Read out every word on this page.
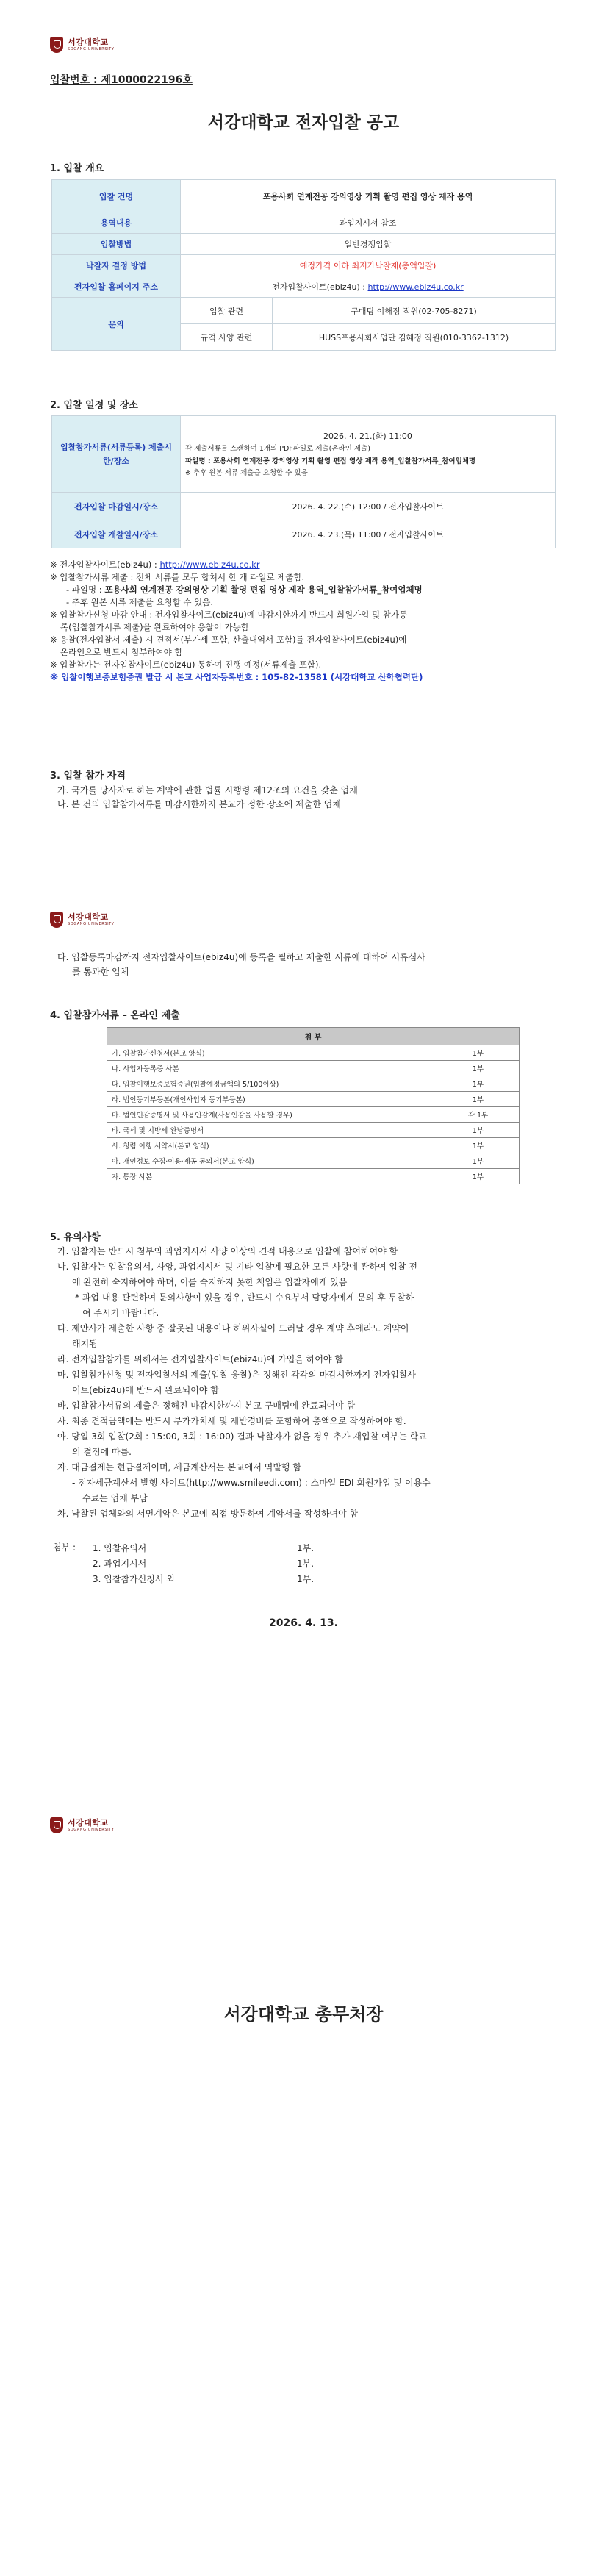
서강대학교
SOGANG UNIVERSITY
입찰번호 : 제1000022196호
서강대학교 전자입찰 공고
1. 입찰 개요
입찰 건명	포용사회 연계전공 강의영상 기획 촬영 편집 영상 제작 용역	
용역내용	과업지시서 참조	
입찰방법	일반경쟁입찰	
낙찰자 결정 방법	예정가격 이하 최저가낙찰제(총액입찰)	
전자입찰 홈페이지 주소	전자입찰사이트(ebiz4u) : http://www.ebiz4u.co.kr	
문의	입찰 관련	구매팀 이해정 직원(02-705-8271)
	규격 사양 관련	HUSS포용사회사업단 김혜정 직원(010-3362-1312)
2. 입찰 일정 및 장소
입찰참가서류(서류등록) 제출시한/장소	2026. 4. 21.(화) 11:00
각 제출서류를 스캔하여 1개의 PDF파일로 제출(온라인 제출)
파일명 : 포용사회 연계전공 강의영상 기획 촬영 편집 영상 제작 용역_입찰참가서류_참여업체명
※ 추후 원본 서류 제출을 요청할 수 있음

전자입찰 마감일시/장소	2026. 4. 22.(수) 12:00 / 전자입찰사이트
전자입찰 개찰일시/장소	2026. 4. 23.(목) 11:00 / 전자입찰사이트

※ 전자입찰사이트(ebiz4u) : http://www.ebiz4u.co.kr

※ 입찰참가서류 제출 : 전체 서류를 모두 합쳐서 한 개 파일로 제출함.

- 파일명 : 포용사회 연계전공 강의영상 기획 촬영 편집 영상 제작 용역_입찰참가서류_참여업체명

- 추후 원본 서류 제출을 요청할 수 있음.

※ 입찰참가신청 마감 안내 : 전자입찰사이트(ebiz4u)에 마감시한까지 반드시 회원가입 및 참가등

록(입찰참가서류 제출)을 완료하여야 응찰이 가능함

※ 응찰(전자입찰서 제출) 시 견적서(부가세 포함, 산출내역서 포함)를 전자입찰사이트(ebiz4u)에

온라인으로 반드시 첨부하여야 함

※ 입찰참가는 전자입찰사이트(ebiz4u) 통하여 진행 예정(서류제출 포함).

※ 입찰이행보증보험증권 발급 시 본교 사업자등록번호 : 105-82-13581 (서강대학교 산학협력단)

3. 입찰 참가 자격

가. 국가를 당사자로 하는 계약에 관한 법률 시행령 제12조의 요건을 갖춘 업체

나. 본 건의 입찰참가서류를 마감시한까지 본교가 정한 장소에 제출한 업체

서강대학교
SOGANG UNIVERSITY

다. 입찰등록마감까지 전자입찰사이트(ebiz4u)에 등록을 필하고 제출한 서류에 대하여 서류심사

를 통과한 업체

4. 입찰참가서류 – 온라인 제출
첨 부	
가. 입찰참가신청서(본교 양식)	1부
나. 사업자등록증 사본	1부
다. 입찰이행보증보험증권(입찰예정금액의 5/100이상)	1부
라. 법인등기부등본(개인사업자 등기부등본)	1부
마. 법인인감증명서 및 사용인감계(사용인감을 사용할 경우)	각 1부
바. 국세 및 지방세 완납증명서	1부
사. 청렴 이행 서약서(본교 양식)	1부
아. 개인정보 수집·이용·제공 동의서(본교 양식)	1부
자. 통장 사본	1부
5. 유의사항

가. 입찰자는 반드시 첨부의 과업지시서 사양 이상의 견적 내용으로 입찰에 참여하여야 함

나. 입찰자는 입찰유의서, 사양, 과업지시서 및 기타 입찰에 필요한 모든 사항에 관하여 입찰 전

에 완전히 숙지하여야 하며, 이를 숙지하지 못한 책임은 입찰자에게 있음

* 과업 내용 관련하여 문의사항이 있을 경우, 반드시 수요부서 담당자에게 문의 후 투찰하

여 주시기 바랍니다.

다. 제안사가 제출한 사항 중 잘못된 내용이나 허위사실이 드러날 경우 계약 후에라도 계약이

해지됨

라. 전자입찰참가를 위해서는 전자입찰사이트(ebiz4u)에 가입을 하여야 함

마. 입찰참가신청 및 전자입찰서의 제출(입찰 응찰)은 정해진 각각의 마감시한까지 전자입찰사

이트(ebiz4u)에 반드시 완료되어야 함

바. 입찰참가서류의 제출은 정해진 마감시한까지 본교 구매팀에 완료되어야 함

사. 최종 견적금액에는 반드시 부가가치세 및 제반경비를 포함하여 총액으로 작성하여야 함.

아. 당일 3회 입찰(2회 : 15:00, 3회 : 16:00) 결과 낙찰자가 없을 경우 추가 재입찰 여부는 학교

의 결정에 따름.

자. 대금결제는 현금결제이며, 세금계산서는 본교에서 역발행 함

- 전자세금계산서 발행 사이트(http://www.smileedi.com) : 스마일 EDI 회원가입 및 이용수

수료는 업체 부담

차. 낙찰된 업체와의 서면계약은 본교에 직접 방문하여 계약서를 작성하여야 함

첨부 : 1. 입찰유의서	1부.
2. 과업지시서	1부.
3. 입찰참가신청서 외	1부.
2026. 4. 13.
서강대학교
SOGANG UNIVERSITY
서강대학교 총무처장
